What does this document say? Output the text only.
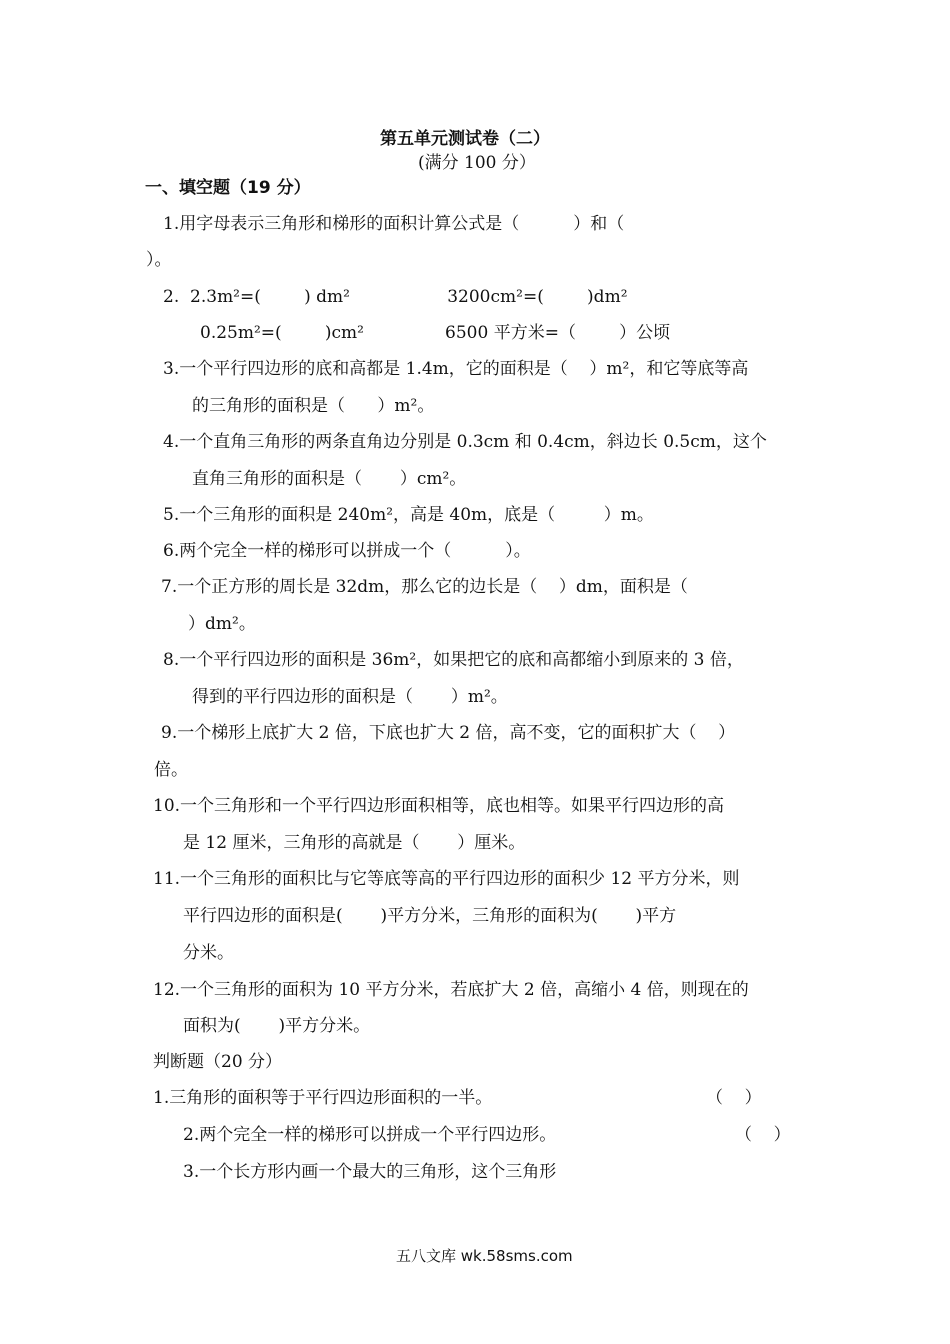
第五单元测试卷（二）
(满分 100 分）
一、填空题（19 分）
1.用字母表示三角形和梯形的面积计算公式是（          ）和（
）。
2.  2.3m²=(        ) dm²                  3200cm²=(        )dm²
0.25m²=(        )cm²               6500 平方米=（        ）公顷
3.一个平行四边形的底和高都是 1.4m，它的面积是（    ）m²，和它等底等高
的三角形的面积是（      ）m²。
4.一个直角三角形的两条直角边分别是 0.3cm 和 0.4cm，斜边长 0.5cm，这个
直角三角形的面积是（       ）cm²。
5.一个三角形的面积是 240m²，高是 40m，底是（         ）m。
6.两个完全一样的梯形可以拼成一个（          ）。
7.一个正方形的周长是 32dm，那么它的边长是（    ）dm，面积是（
）dm²。
8.一个平行四边形的面积是 36m²，如果把它的底和高都缩小到原来的 3 倍，
得到的平行四边形的面积是（       ）m²。
9.一个梯形上底扩大 2 倍，下底也扩大 2 倍，高不变，它的面积扩大（    ）
倍。
10.一个三角形和一个平行四边形面积相等，底也相等。如果平行四边形的高
是 12 厘米，三角形的高就是（       ）厘米。
11.一个三角形的面积比与它等底等高的平行四边形的面积少 12 平方分米，则
平行四边形的面积是(       )平方分米，三角形的面积为(       )平方
分米。
12.一个三角形的面积为 10 平方分米，若底扩大 2 倍，高缩小 4 倍，则现在的
面积为(       )平方分米。
判断题（20 分）
1.三角形的面积等于平行四边形面积的一半。	（    ）
2.两个完全一样的梯形可以拼成一个平行四边形。	（    ）
3.一个长方形内画一个最大的三角形，这个三角形
五八文库 wk.58sms.com
